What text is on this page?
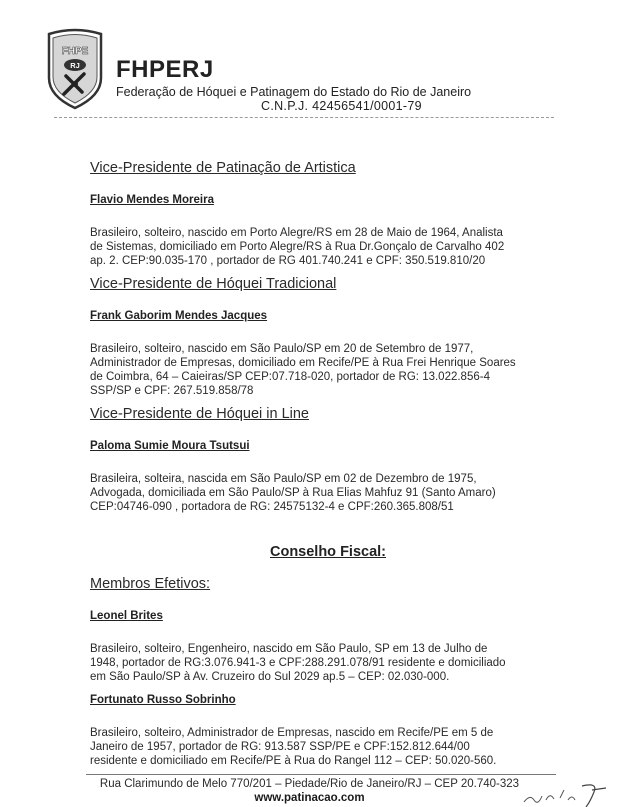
FHPE
RJ FHPERJ
Federação de Hóquei e Patinagem do Estado do Rio de Janeiro
C.N.P.J. 42456541/0001-79
Vice-Presidente de Patinação de Artistica
Flavio Mendes Moreira

Brasileiro, solteiro, nascido em Porto Alegre/RS em 28 de Maio de 1964, Analista
de Sistemas, domiciliado em Porto Alegre/RS à Rua Dr.Gonçalo de Carvalho 402
ap. 2. CEP:90.035-170 , portador de RG 401.740.241 e CPF: 350.519.810/20

Vice-Presidente de Hóquei Tradicional
Frank Gaborim Mendes Jacques

Brasileiro, solteiro, nascido em São Paulo/SP em 20 de Setembro de 1977,
Administrador de Empresas, domiciliado em Recife/PE à Rua Frei Henrique Soares
de Coimbra, 64 – Caieiras/SP CEP:07.718-020, portador de RG: 13.022.856-4
SSP/SP e CPF: 267.519.858/78

Vice-Presidente de Hóquei in Line
Paloma Sumie Moura Tsutsui

Brasileira, solteira, nascida em São Paulo/SP em 02 de Dezembro de 1975,
Advogada, domiciliada em São Paulo/SP à Rua Elias Mahfuz 91 (Santo Amaro)
CEP:04746-090 , portadora de RG: 24575132-4 e CPF:260.365.808/51

Conselho Fiscal:
Membros Efetivos:
Leonel Brites

Brasileiro, solteiro, Engenheiro, nascido em São Paulo, SP em 13 de Julho de
1948, portador de RG:3.076.941-3 e CPF:288.291.078/91 residente e domiciliado
em São Paulo/SP à Av. Cruzeiro do Sul 2029 ap.5 – CEP: 02.030-000.

Fortunato Russo Sobrinho

Brasileiro, solteiro, Administrador de Empresas, nascido em Recife/PE em 5 de
Janeiro de 1957, portador de RG: 913.587 SSP/PE e CPF:152.812.644/00
residente e domiciliado em Recife/PE à Rua do Rangel 112 – CEP: 50.020-560.

Rua Clarimundo de Melo 770/201 – Piedade/Rio de Janeiro/RJ – CEP 20.740-323
www.patinacao.com
